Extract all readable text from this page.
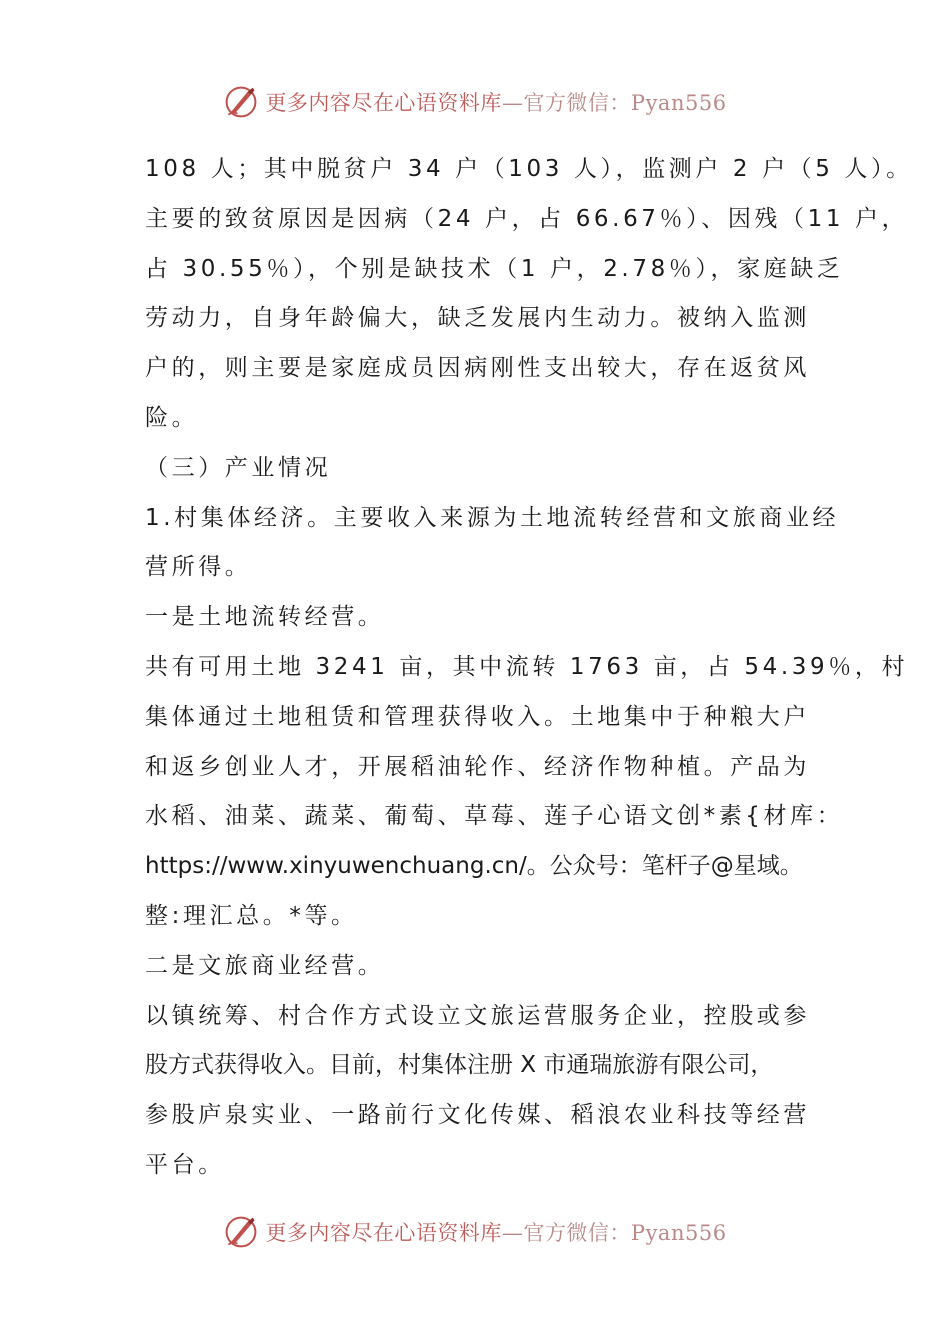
更多内容尽在心语资料库—官方微信：Pyan556
108 人；其中脱贫户 34 户（103 人），监测户 2 户（5 人）。
主要的致贫原因是因病（24 户，占 66.67％）、因残（11 户，
占 30.55％），个别是缺技术（1 户，2.78％），家庭缺乏
劳动力，自身年龄偏大，缺乏发展内生动力。被纳入监测
户的，则主要是家庭成员因病刚性支出较大，存在返贫风
险。
（三）产业情况
1.村集体经济。主要收入来源为土地流转经营和文旅商业经
营所得。
一是土地流转经营。
共有可用土地 3241 亩，其中流转 1763 亩，占 54.39％，村
集体通过土地租赁和管理获得收入。土地集中于种粮大户
和返乡创业人才，开展稻油轮作、经济作物种植。产品为
水稻、油菜、蔬菜、葡萄、草莓、莲子心语文创*素{材库：
https://www.xinyuwenchuang.cn/。公众号：笔杆子@星域。
整:理汇总。*等。
二是文旅商业经营。
以镇统筹、村合作方式设立文旅运营服务企业，控股或参
股方式获得收入。目前，村集体注册 X 市通瑞旅游有限公司，
参股庐泉实业、一路前行文化传媒、稻浪农业科技等经营
平台。
更多内容尽在心语资料库—官方微信：Pyan556
